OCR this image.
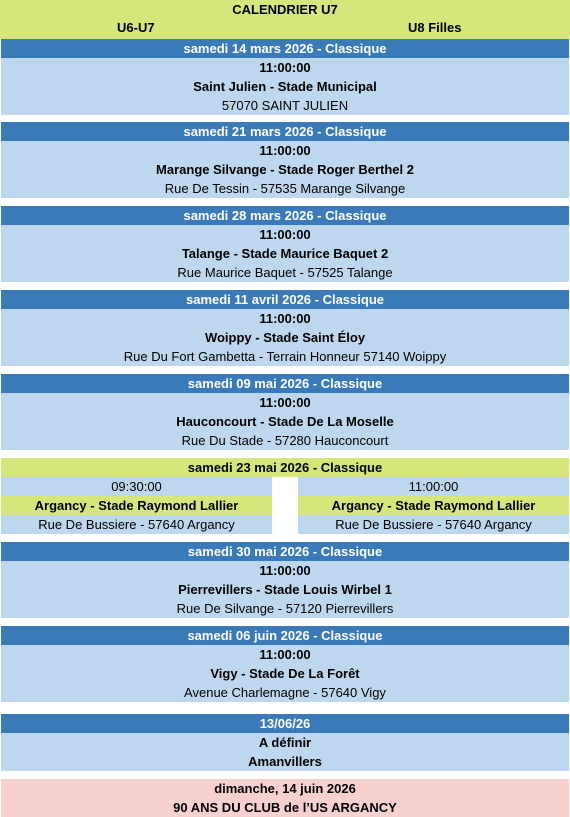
CALENDRIER U7
U6-U7	U8 Filles
samedi 14 mars 2026 - Classique
11:00:00
Saint Julien - Stade Municipal
57070 SAINT JULIEN
samedi 21 mars 2026 - Classique
11:00:00
Marange Silvange - Stade Roger Berthel 2
Rue De Tessin - 57535 Marange Silvange
samedi 28 mars 2026 - Classique
11:00:00
Talange - Stade Maurice Baquet 2
Rue Maurice Baquet - 57525 Talange
samedi 11 avril 2026 - Classique
11:00:00
Woippy - Stade Saint Éloy
Rue Du Fort Gambetta - Terrain Honneur 57140 Woippy
samedi 09 mai 2026 - Classique
11:00:00
Hauconcourt - Stade De La Moselle
Rue Du Stade - 57280 Hauconcourt
samedi 23 mai 2026 - Classique
09:30:00
Argancy - Stade Raymond Lallier
Rue De Bussiere - 57640 Argancy
11:00:00
Argancy - Stade Raymond Lallier
Rue De Bussiere - 57640 Argancy
samedi 30 mai 2026 - Classique
11:00:00
Pierrevillers - Stade Louis Wirbel 1
Rue De Silvange - 57120 Pierrevillers
samedi 06 juin 2026 - Classique
11:00:00
Vigy - Stade De La Forêt
Avenue Charlemagne - 57640 Vigy
13/06/26
A définir
Amanvillers
dimanche, 14 juin 2026
90 ANS DU CLUB de l’US ARGANCY
